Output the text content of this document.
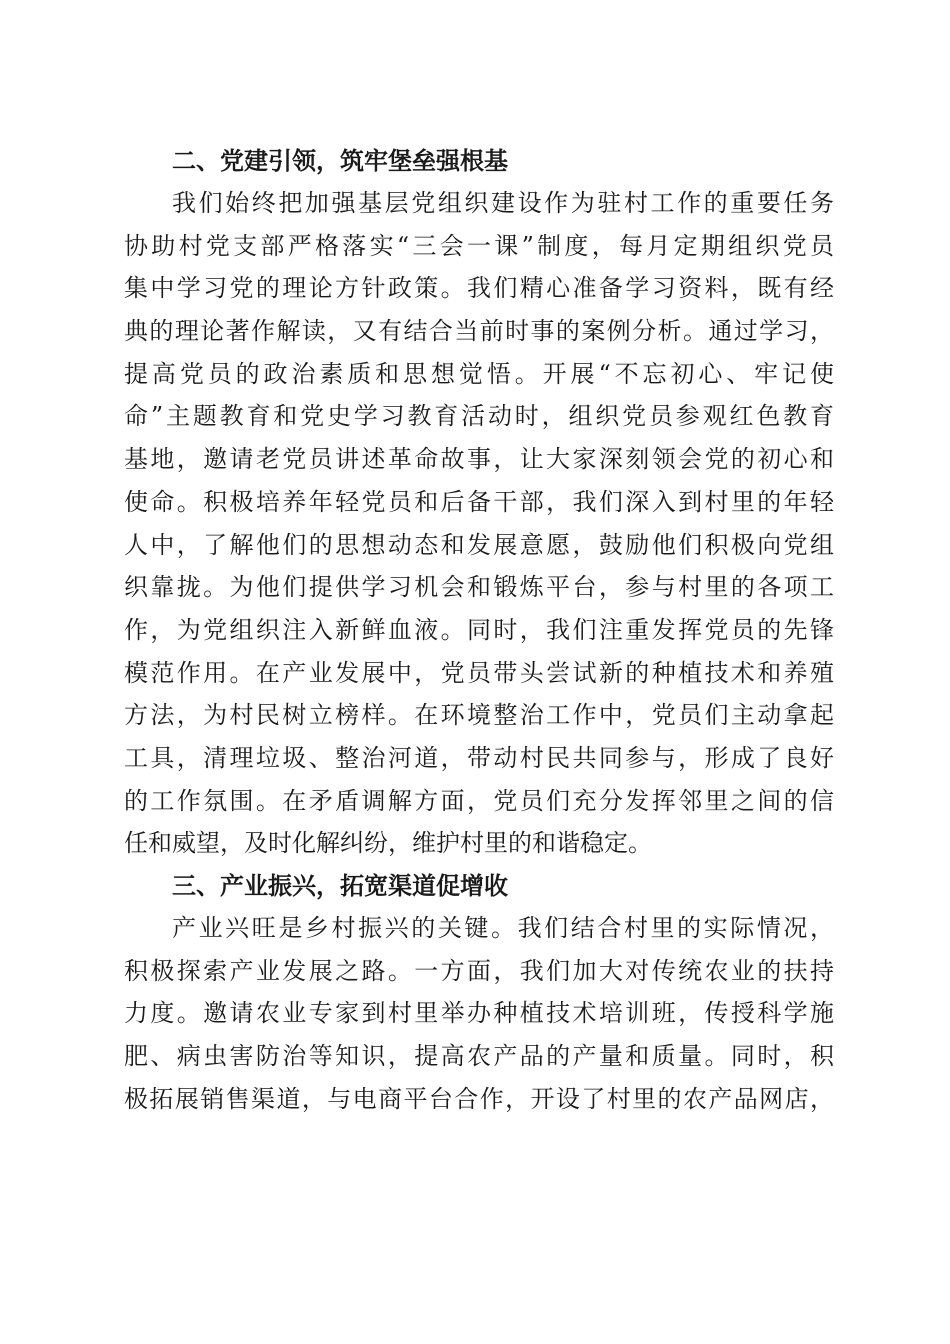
二、党建引领，筑牢堡垒强根基
我们始终把加强基层党组织建设作为驻村工作的重要任务
协助村党支部严格落实“三会一课”制度，每月定期组织党员
集中学习党的理论方针政策。我们精心准备学习资料，既有经
典的理论著作解读，又有结合当前时事的案例分析。通过学习，
提高党员的政治素质和思想觉悟。开展“不忘初心、牢记使
命”主题教育和党史学习教育活动时，组织党员参观红色教育
基地，邀请老党员讲述革命故事，让大家深刻领会党的初心和
使命。积极培养年轻党员和后备干部，我们深入到村里的年轻
人中，了解他们的思想动态和发展意愿，鼓励他们积极向党组
织靠拢。为他们提供学习机会和锻炼平台，参与村里的各项工
作，为党组织注入新鲜血液。同时，我们注重发挥党员的先锋
模范作用。在产业发展中，党员带头尝试新的种植技术和养殖
方法，为村民树立榜样。在环境整治工作中，党员们主动拿起
工具，清理垃圾、整治河道，带动村民共同参与，形成了良好
的工作氛围。在矛盾调解方面，党员们充分发挥邻里之间的信
任和威望，及时化解纠纷，维护村里的和谐稳定。
三、产业振兴，拓宽渠道促增收
产业兴旺是乡村振兴的关键。我们结合村里的实际情况，
积极探索产业发展之路。一方面，我们加大对传统农业的扶持
力度。邀请农业专家到村里举办种植技术培训班，传授科学施
肥、病虫害防治等知识，提高农产品的产量和质量。同时，积
极拓展销售渠道，与电商平台合作，开设了村里的农产品网店，
